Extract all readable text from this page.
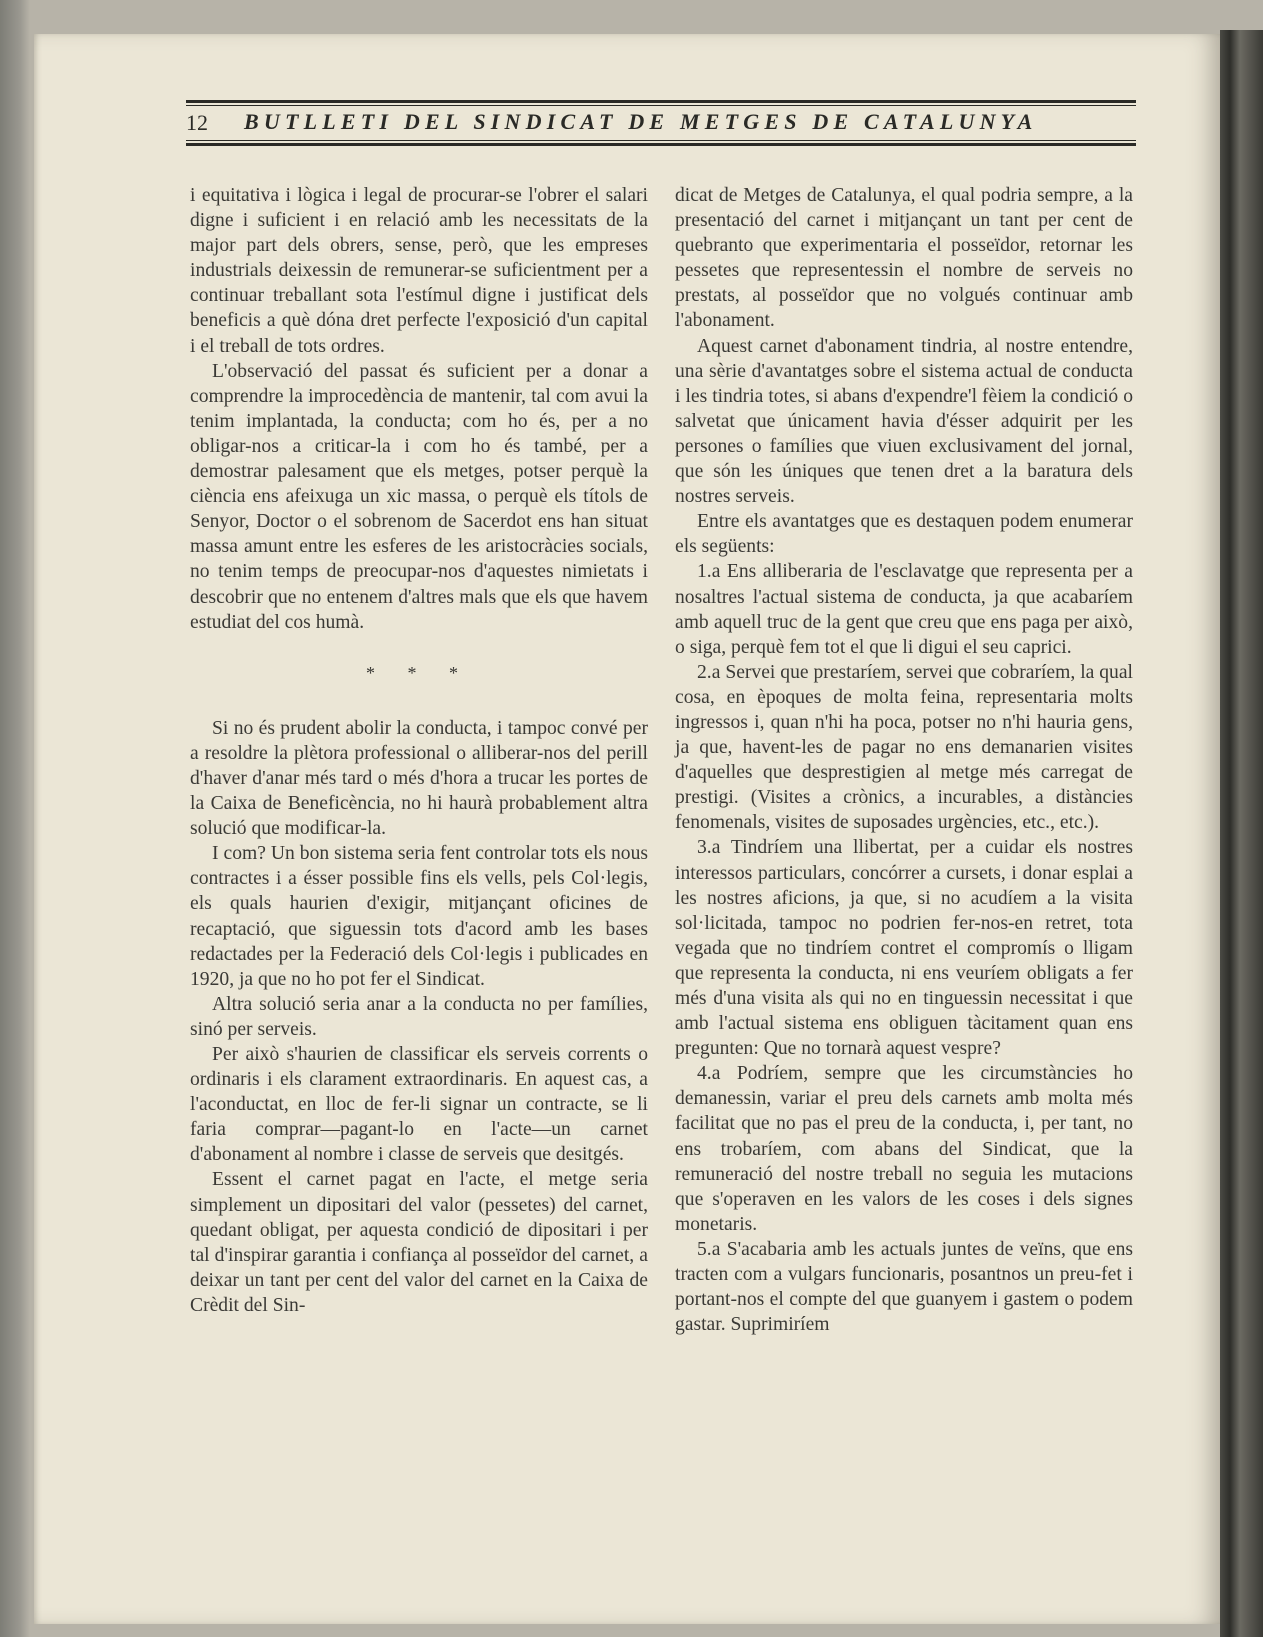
12 BUTLLETI DEL SINDICAT DE METGES DE CATALUNYA

i equitativa i lògica i legal de procurar-se l'obrer el salari digne i suficient i en relació amb les necessitats de la major part dels obrers, sense, però, que les empreses industrials deixessin de remunerar-se suficientment per a continuar treballant sota l'estímul digne i justificat dels beneficis a què dóna dret perfecte l'exposició d'un capital i el treball de tots ordres.

L'observació del passat és suficient per a donar a comprendre la improcedència de mantenir, tal com avui la tenim implantada, la conducta; com ho és, per a no obligar-nos a criticar-la i com ho és també, per a demostrar palesament que els metges, potser perquè la ciència ens afeixuga un xic massa, o perquè els títols de Senyor, Doctor o el sobrenom de Sacerdot ens han situat massa amunt entre les esferes de les aristocràcies socials, no tenim temps de preocupar-nos d'aquestes nimietats i descobrir que no entenem d'altres mals que els que havem estudiat del cos humà.

* * *

Si no és prudent abolir la conducta, i tampoc convé per a resoldre la plètora professional o alliberar-nos del perill d'haver d'anar més tard o més d'hora a trucar les portes de la Caixa de Beneficència, no hi haurà probablement altra solució que modificar-la.

I com? Un bon sistema seria fent controlar tots els nous contractes i a ésser possible fins els vells, pels Col·legis, els quals haurien d'exigir, mitjançant oficines de recaptació, que siguessin tots d'acord amb les bases redactades per la Federació dels Col·legis i publicades en 1920, ja que no ho pot fer el Sindicat.

Altra solució seria anar a la conducta no per famílies, sinó per serveis.

Per això s'haurien de classificar els serveis corrents o ordinaris i els clarament extraordinaris. En aquest cas, a l'aconductat, en lloc de fer-li signar un contracte, se li faria comprar—pagant-lo en l'acte—un carnet d'abonament al nombre i classe de serveis que desitgés.

Essent el carnet pagat en l'acte, el metge seria simplement un dipositari del valor (pessetes) del carnet, quedant obligat, per aquesta condició de dipositari i per tal d'inspirar garantia i confiança al posseïdor del carnet, a deixar un tant per cent del valor del carnet en la Caixa de Crèdit del Sin-

dicat de Metges de Catalunya, el qual podria sempre, a la presentació del carnet i mitjançant un tant per cent de quebranto que experimentaria el posseïdor, retornar les pessetes que representessin el nombre de serveis no prestats, al posseïdor que no volgués continuar amb l'abonament.

Aquest carnet d'abonament tindria, al nostre entendre, una sèrie d'avantatges sobre el sistema actual de conducta i les tindria totes, si abans d'expendre'l fèiem la condició o salvetat que únicament havia d'ésser adquirit per les persones o famílies que viuen exclusivament del jornal, que són les úniques que tenen dret a la baratura dels nostres serveis.

Entre els avantatges que es destaquen podem enumerar els següents:

1.a Ens alliberaria de l'esclavatge que representa per a nosaltres l'actual sistema de conducta, ja que acabaríem amb aquell truc de la gent que creu que ens paga per això, o siga, perquè fem tot el que li digui el seu caprici.

2.a Servei que prestaríem, servei que cobraríem, la qual cosa, en èpoques de molta feina, representaria molts ingressos i, quan n'hi ha poca, potser no n'hi hauria gens, ja que, havent-les de pagar no ens demanarien visites d'aquelles que desprestigien al metge més carregat de prestigi. (Visites a crònics, a incurables, a distàncies fenomenals, visites de suposades urgències, etc., etc.).

3.a Tindríem una llibertat, per a cuidar els nostres interessos particulars, concórrer a cursets, i donar esplai a les nostres aficions, ja que, si no acudíem a la visita sol·licitada, tampoc no podrien fer-nos-en retret, tota vegada que no tindríem contret el compromís o lligam que representa la conducta, ni ens veuríem obligats a fer més d'una visita als qui no en tinguessin necessitat i que amb l'actual sistema ens obliguen tàcitament quan ens pregunten: Que no tornarà aquest vespre?

4.a Podríem, sempre que les circumstàncies ho demanessin, variar el preu dels carnets amb molta més facilitat que no pas el preu de la conducta, i, per tant, no ens trobaríem, com abans del Sindicat, que la remuneració del nostre treball no seguia les mutacions que s'operaven en les valors de les coses i dels signes monetaris.

5.a S'acabaria amb les actuals juntes de veïns, que ens tracten com a vulgars funcionaris, posantnos un preu-fet i portant-nos el compte del que guanyem i gastem o podem gastar. Suprimiríem
